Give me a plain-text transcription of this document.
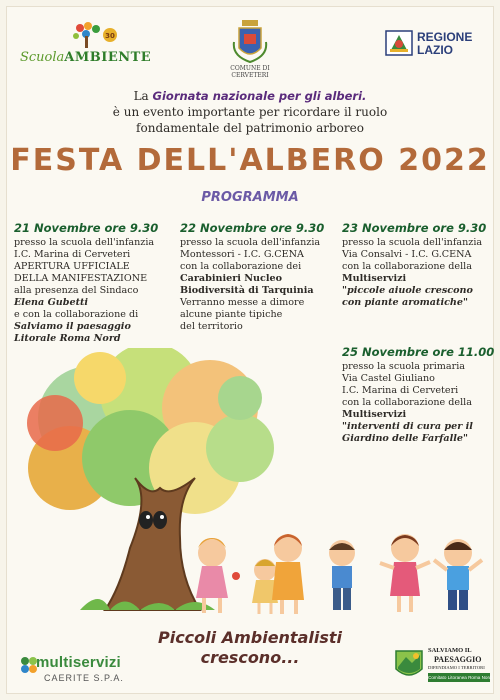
30
ScuolaAMBIENTE
COMUNE DI CERVETERI
REGIONE
LAZIO
La Giornata nazionale per gli alberi.
è un evento importante per ricordare il ruolo
fondamentale del patrimonio arboreo
FESTA DELL'ALBERO 2022
PROGRAMMA
21 Novembre ore 9.30
presso la scuola dell'infanzia
I.C. Marina di Cerveteri
APERTURA UFFICIALE
DELLA MANIFESTAZIONE
alla presenza del Sindaco
Elena Gubetti
e con la collaborazione di
Salviamo il paesaggio
Litorale Roma Nord
22 Novembre ore 9.30
presso la scuola dell'infanzia
Montessori - I.C. G.CENA
con la collaborazione dei
Carabinieri Nucleo
Biodiversità di Tarquinia
Verranno messe a dimore
alcune piante tipiche
del territorio
23 Novembre ore 9.30
presso la scuola dell'infanzia
Via Consalvi - I.C. G.CENA
con la collaborazione della
Multiservizi
"piccole aiuole crescono
con piante aromatiche"
25 Novembre ore 11.00
presso la scuola primaria
Via Castel Giuliano
I.C. Marina di Cerveteri
con la collaborazione della
Multiservizi
"interventi di cura per il
Giardino delle Farfalle"
Piccoli Ambientalisti
crescono...
multiservizi
CAERITE S.P.A.
SALVIAMO IL
PAESAGGIO
DIFENDIAMO I TERRITORI
Comitato Litoranea Roma Nord
